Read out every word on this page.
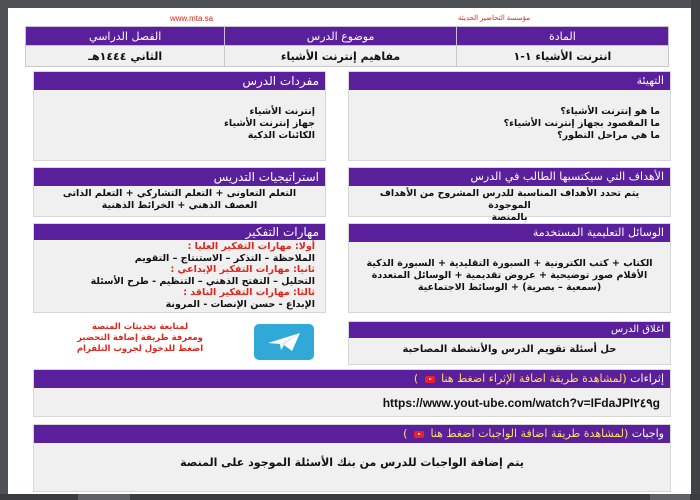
www.mta.sa	مؤسسة التحاضير الحديثة
المادة	موضوع الدرس	الفصل الدراسي
انترنت الأشياء ١-١	مفاهيم إنترنت الأشياء	الثاني ١٤٤٤هـ
التهيئة
ما هو إنترنت الأشياء؟
ما المقصود بجهاز إنترنت الأشياء؟
ما هي مراحل التطور؟
مفردات الدرس
إنترنت الأشياء
جهاز إنترنت الأشياء
الكائنات الذكية
الأهداف التي سيكتسبها الطالب في الدرس
يتم تحدد الأهداف المناسبة للدرس المشروح من الأهداف الموجودة
بالمنصة
استراتيجيات التدريس
التعلم التعاونى + التعلم التشاركي + التعلم الذاتى
العصف الذهني + الخرائط الذهنية
الوسائل التعليمية المستخدمة
الكتاب + كتب الكترونية + السبورة التقليدية + السبورة الذكية
الأقلام صور توضيحية + عروض تقديمية + الوسائل المتعددة
(سمعية – بصرية) + الوسائط الاجتماعية
مهارات التفكير
أولا: مهارات التفكير العليا :
الملاحظة – التذكر – الاستنتاج – التقويم
ثانيا: مهارات التفكير الإبداعي :
التحليل – التفتح الذهني – التنظيم - طرح الأسئلة
ثالثا: مهارات التفكير الناقد :
الإبداع - حسن الإنصات - المرونة
لمتابعة تحديثات المنصة
ومعرفة طريقة إضافة التحضير
اضغط للدخول لجروب التلقرام
اغلاق الدرس
حل أسئلة تقويم الدرس والأنشطة المصاحبة
إثراءات (لمشاهدة طريقة اضافة الإثراء اضغط هنا  )
https://www.yout-ube.com/watch?v=IFdaJPI٢٤٩g
واجبات (لمشاهدة طريقة اضافة الواجبات اضغط هنا  )
يتم إضافة الواجبات للدرس من بنك الأسئلة الموجود على المنصة
